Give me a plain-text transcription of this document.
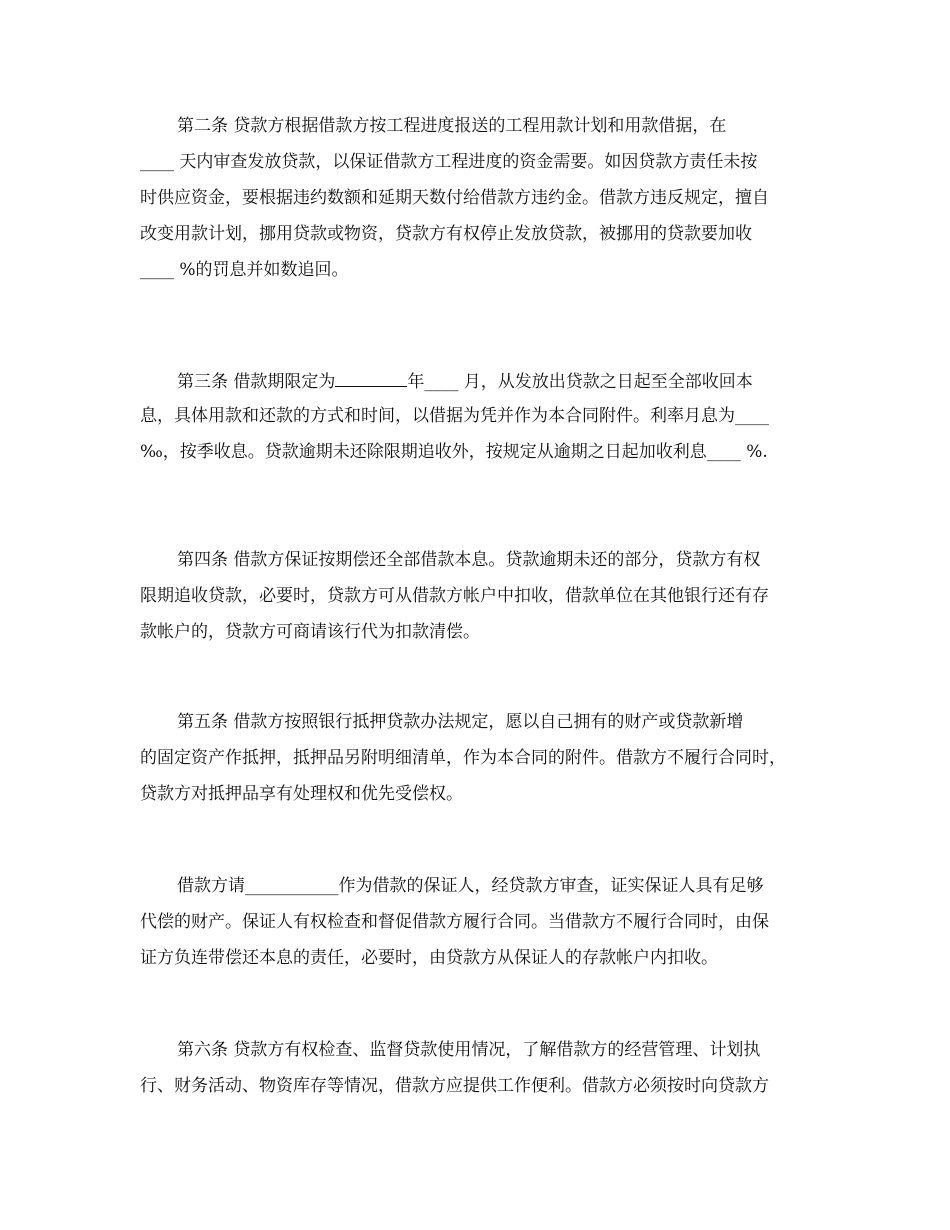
第二条 贷款方根据借款方按工程进度报送的工程用款计划和用款借据，在
____ 天内审查发放贷款，以保证借款方工程进度的资金需要。如因贷款方责任未按
时供应资金，要根据违约数额和延期天数付给借款方违约金。借款方违反规定，擅自
改变用款计划，挪用贷款或物资，贷款方有权停止发放贷款，被挪用的贷款要加收
____ %的罚息并如数追回。
第三条 借款期限定为	年____ 月，从发放出贷款之日起至全部收回本
息，具体用款和还款的方式和时间，以借据为凭并作为本合同附件。利率月息为____
‰，按季收息。贷款逾期未还除限期追收外，按规定从逾期之日起加收利息____ %.
第四条 借款方保证按期偿还全部借款本息。贷款逾期未还的部分，贷款方有权
限期追收贷款，必要时，贷款方可从借款方帐户中扣收，借款单位在其他银行还有存
款帐户的，贷款方可商请该行代为扣款清偿。
第五条 借款方按照银行抵押贷款办法规定，愿以自己拥有的财产或贷款新增
的固定资产作抵押，抵押品另附明细清单，作为本合同的附件。借款方不履行合同时，
贷款方对抵押品享有处理权和优先受偿权。
借款方请___________作为借款的保证人，经贷款方审查，证实保证人具有足够
代偿的财产。保证人有权检查和督促借款方履行合同。当借款方不履行合同时，由保
证方负连带偿还本息的责任，必要时，由贷款方从保证人的存款帐户内扣收。
第六条 贷款方有权检查、监督贷款使用情况，了解借款方的经营管理、计划执
行、财务活动、物资库存等情况，借款方应提供工作便利。借款方必须按时向贷款方
